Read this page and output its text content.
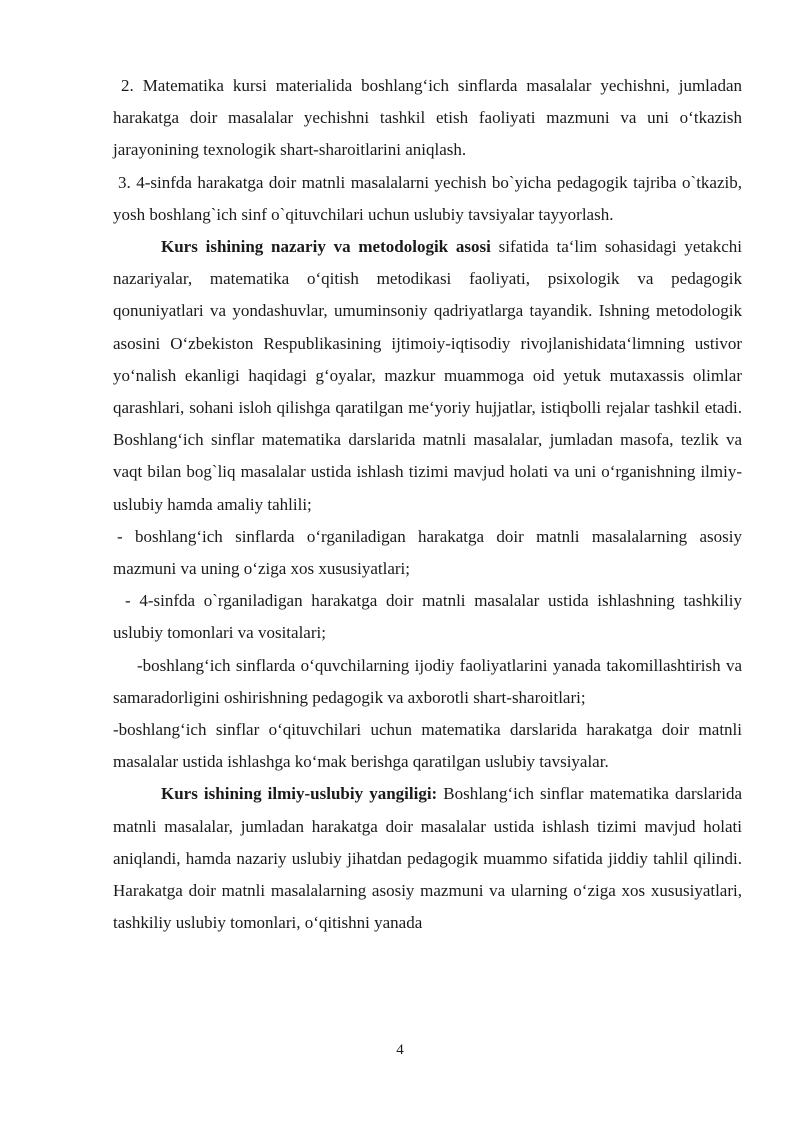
2. Matematika kursi materialida boshlang‘ich sinflarda masalalar yechishni, jumladan harakatga doir masalalar yechishni tashkil etish faoliyati mazmuni va uni o‘tkazish jarayonining texnologik shart-sharoitlarini aniqlash.

3. 4-sinfda harakatga doir matnli masalalarni yechish bo`yicha pedagogik tajriba o`tkazib, yosh boshlang`ich sinf o`qituvchilari uchun uslubiy tavsiyalar tayyorlash.

Kurs ishining nazariy va metodologik asosi sifatida ta‘lim sohasidagi yetakchi nazariyalar, matematika o‘qitish metodikasi faoliyati, psixologik va pedagogik qonuniyatlari va yondashuvlar, umuminsoniy qadriyatlarga tayandik. Ishning metodologik asosini O‘zbekiston Respublikasining ijtimoiy-iqtisodiy rivojlanishidata‘limning ustivor yo‘nalish ekanligi haqidagi g‘oyalar, mazkur muammoga oid yetuk mutaxassis olimlar qarashlari, sohani isloh qilishga qaratilgan me‘yoriy hujjatlar, istiqbolli rejalar tashkil etadi. Boshlang‘ich sinflar matematika darslarida matnli masalalar, jumladan masofa, tezlik va vaqt bilan bog`liq masalalar ustida ishlash tizimi mavjud holati va uni o‘rganishning ilmiy-uslubiy hamda amaliy tahlili;

- boshlang‘ich sinflarda o‘rganiladigan harakatga doir matnli masalalarning asosiy mazmuni va uning o‘ziga xos xususiyatlari;

- 4-sinfda o`rganiladigan harakatga doir matnli masalalar ustida ishlashning tashkiliy uslubiy tomonlari va vositalari;

-boshlang‘ich sinflarda o‘quvchilarning ijodiy faoliyatlarini yanada takomillashtirish va samaradorligini oshirishning pedagogik va axborotli shart-sharoitlari;

-boshlang‘ich sinflar o‘qituvchilari uchun matematika darslarida harakatga doir matnli masalalar ustida ishlashga ko‘mak berishga qaratilgan uslubiy tavsiyalar.

Kurs ishining ilmiy-uslubiy yangiligi: Boshlang‘ich sinflar matematika darslarida matnli masalalar, jumladan harakatga doir masalalar ustida ishlash tizimi mavjud holati aniqlandi, hamda nazariy uslubiy jihatdan pedagogik muammo sifatida jiddiy tahlil qilindi. Harakatga doir matnli masalalarning asosiy mazmuni va ularning o‘ziga xos xususiyatlari, tashkiliy uslubiy tomonlari, o‘qitishni yanada

4
